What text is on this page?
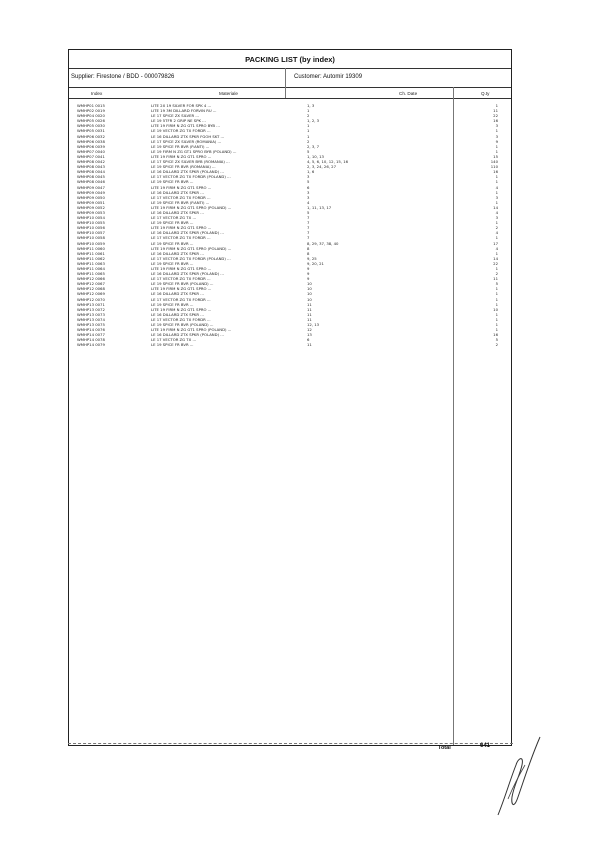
PACKING LIST (by index)
Supplier: Firestone / BDD - 000079826	Customer: Automir 19309
Index	Materiale	Ch. Date	Q.ty
WMHP01 0015	LITE 2X 19 SILVER FOR SPK 4 ...	1, 3	1
WMHP02 0019	LITE 19 3M DILLARD FORVIN RU ...	1	11
WMHP04 0020	LE 17 SPICE ZX SILVER ...	2	22
WMHP05 0026	LE 19 5TFR 2 GRIP NE SPK ...	1, 2, 3	16
WMHP05 0030	LITE 19 FIRM N ZG GT1 SPRO BYB ...	1	3
WMHP05 0031	LE 19 VECTOR ZG TX FORDR ...	1	1
WMHP06 0032	LE 16 DILLARD ZTX SPKR FGOH SKT ...	1	3
WMHP06 0038	LE 17 SPICE ZX SILVER (ROMANIA) ...	2	9
WMHP06 0039	LE 19 SPICE FR BVR (P.ANTI) ...	2, 3, 7	1
WMHP07 0040	LE 19 FIRM N ZG GT1 SPRO BYB (POLAND) ...	5	1
WMHP07 0041	LITE 19 FIRM N ZG GT1 SPRO ...	1, 10, 13	15
WMHP08 0042	LE 17 SPICE ZX SILVER BYB (ROMANIA) ...	4, 5, 6, 10, 12, 15, 16	140
WMHP08 0043	LE 19 SPICE FR BVR (ROMANIA) ...	2, 3, 24, 26, 27	110
WMHP08 0044	LE 16 DILLARD ZTX SPKR (POLAND) ...	1, 6	16
WMHP08 0045	LE 17 VECTOR ZG TX FORDR (POLAND) ...	3	1
WMHP08 0046	LE 19 SPICE FR BVR ...	5	1
WMHP09 0047	LITE 19 FIRM N ZG GT1 SPRO ...	6	4
WMHP09 0049	LE 16 DILLARD ZTX SPKR ...	3	1
WMHP09 0050	LE 17 VECTOR ZG TX FORDR ...	3	3
WMHP09 0051	LE 19 SPICE FR BVR (P.ANTI) ...	4	1
WMHP09 0052	LITE 19 FIRM N ZG GT1 SPRO (POLAND) ...	1, 11, 13, 17	14
WMHP09 0053	LE 16 DILLARD ZTX SPKR ...	5	4
WMHP10 0054	LE 17 VECTOR ZG TX ...	7	3
WMHP10 0055	LE 19 SPICE FR BVR ...	7	1
WMHP10 0056	LITE 19 FIRM N ZG GT1 SPRO ...	7	2
WMHP10 0057	LE 16 DILLARD ZTX SPKR (POLAND) ...	7	4
WMHP10 0058	LE 17 VECTOR ZG TX FORDR ...	7	1
WMHP10 0059	LE 19 SPICE FR BVR ...	8, 29, 37, 38, 40	17
WMHP11 0060	LITE 19 FIRM N ZG GT1 SPRO (POLAND) ...	8	4
WMHP11 0061	LE 16 DILLARD ZTX SPKR ...	8	1
WMHP11 0062	LE 17 VECTOR ZG TX FORDR (POLAND) ...	9, 25	14
WMHP11 0063	LE 19 SPICE FR BVR ...	9, 20, 21	22
WMHP11 0064	LITE 19 FIRM N ZG GT1 SPRO ...	9	1
WMHP11 0065	LE 16 DILLARD ZTX SPKR (POLAND) ...	9	2
WMHP12 0066	LE 17 VECTOR ZG TX FORDR ...	9	11
WMHP12 0067	LE 19 SPICE FR BVR (POLAND) ...	10	5
WMHP12 0068	LITE 19 FIRM N ZG GT1 SPRO ...	10	1
WMHP12 0069	LE 16 DILLARD ZTX SPKR ...	10	1
WMHP12 0070	LE 17 VECTOR ZG TX FORDR ...	10	1
WMHP13 0071	LE 19 SPICE FR BVR ...	11	1
WMHP13 0072	LITE 19 FIRM N ZG GT1 SPRO ...	11	10
WMHP13 0073	LE 16 DILLARD ZTX SPKR ...	11	1
WMHP13 0074	LE 17 VECTOR ZG TX FORDR ...	11	1
WMHP13 0075	LE 19 SPICE FR BVR (POLAND) ...	12, 13	1
WMHP14 0076	LITE 19 FIRM N ZG GT1 SPRO (POLAND) ...	12	1
WMHP14 0077	LE 16 DILLARD ZTX SPKR (POLAND) ...	13	16
WMHP14 0078	LE 17 VECTOR ZG TX ...	6	5
WMHP14 0079	LE 19 SPICE FR BVR ...	11	2
Total	641
